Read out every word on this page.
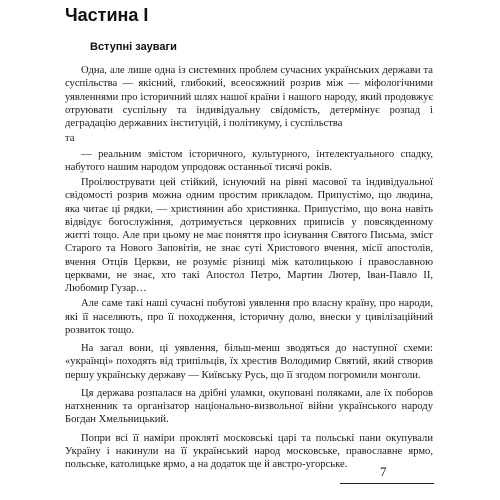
Частина І
Вступні зауваги

Одна, але лише одна із системних проблем сучасних українських держави та суспільства — якісний, глибокий, всеосяжний розрив між — міфологічними уявленнями про історичний шлях нашої країни і нашого народу, який продовжує отруювати суспільну та індивідуальну свідомість, детермінує розпад і деградацію державних інституцій, і політикуму, і суспільства

та

— реальним змістом історичного, культурного, інтелектуального спадку, набутого нашим народом упродовж останньої тисячі років.

Проілюструвати цей стійкий, існуючий на рівні масової та індивідуальної свідомості розрив можна одним простим прикладом. Припустімо, що людина, яка читає ці рядки, — християнин або християнка. Припустімо, що вона навіть відвідує богослужіння, дотримується церковних приписів у повсякденному житті тощо. Але при цьому не має поняття про існування Святого Письма, зміст Старого та Нового Заповітів, не знає суті Христового вчення, місії апостолів, вчення Отців Церкви, не розуміє різниці між католицькою і православною церквами, не знає, хто такі Апостол Петро, Мартин Лютер, Іван-Павло II, Любомир Гузар…

Але саме такі наші сучасні побутові уявлення про власну країну, про народи, які її населяють, про її походження, історичну долю, внески у цивілізаційний розвиток тощо.

На загал вони, ці уявлення, більш-менш зводяться до наступної схеми: «українці» походять від трипільців, їх хрестив Володимир Святий, який створив першу українську державу — Київську Русь, що її згодом погромили монголи.

Ця держава розпалася на дрібні уламки, окуповані поляками, але їх поборов натхненник та організатор національно-визвольної війни українського народу Богдан Хмельницький.

Попри всі її наміри прокляті московські царі та польські пани окупували Україну і накинули на її український народ московське, православне ярмо, польське, католицьке ярмо, а на додаток ще й австро-угорське.	7
